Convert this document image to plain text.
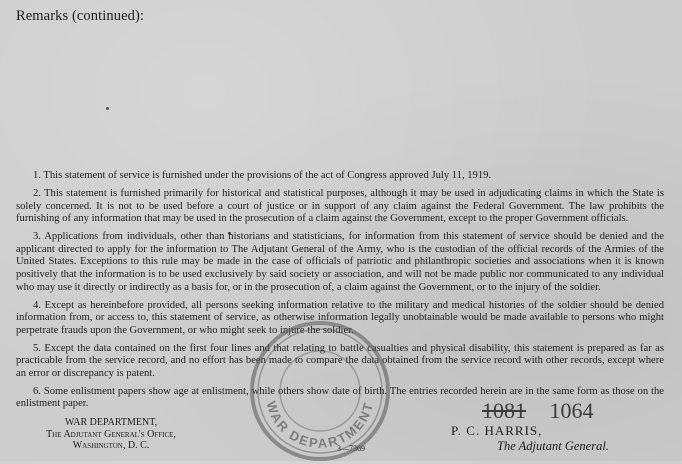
Remarks (continued):

1. This statement of service is furnished under the provisions of the act of Congress approved July 11, 1919.

2. This statement is furnished primarily for historical and statistical purposes, although it may be used in adjudicating claims in which the State is solely concerned. It is not to be used before a court of justice or in support of any claim against the Federal Government. The law prohibits the furnishing of any information that may be used in the prosecution of a claim against the Government, except to the proper Government officials.

3. Applications from individuals, other than historians and statisticians, for information from this statement of service should be denied and the applicant directed to apply for the information to The Adjutant General of the Army, who is the custodian of the official records of the Armies of the United States. Exceptions to this rule may be made in the case of officials of patriotic and philanthropic societies and associations when it is known positively that the information is to be used exclusively by said society or association, and will not be made public nor communicated to any individual who may use it directly or indirectly as a basis for, or in the prosecution of, a claim against the Government, or to the injury of the soldier.

4. Except as hereinbefore provided, all persons seeking information relative to the military and medical histories of the soldier should be denied information from, or access to, this statement of service, as otherwise information legally unobtainable would be made available to persons who might perpetrate frauds upon the Government, or who might seek to injure the soldier.

5. Except the data contained on the first four lines and that relating to battle casualties and physical disability, this statement is prepared as far as practicable from the service record, and no effort has been made to compare the data obtained from the service record with other records, except where an error or discrepancy is patent.

6. Some enlistment papers show age at enlistment, while others show date of birth. The entries recorded herein are in the same form as those on the enlistment paper.

WAR DEPARTMENT,
The Adjutant General's Office,
Washington, D. C.	3—7369
WAR DEPARTMENT	1081 1064
P. C. HARRIS,
The Adjutant General.
